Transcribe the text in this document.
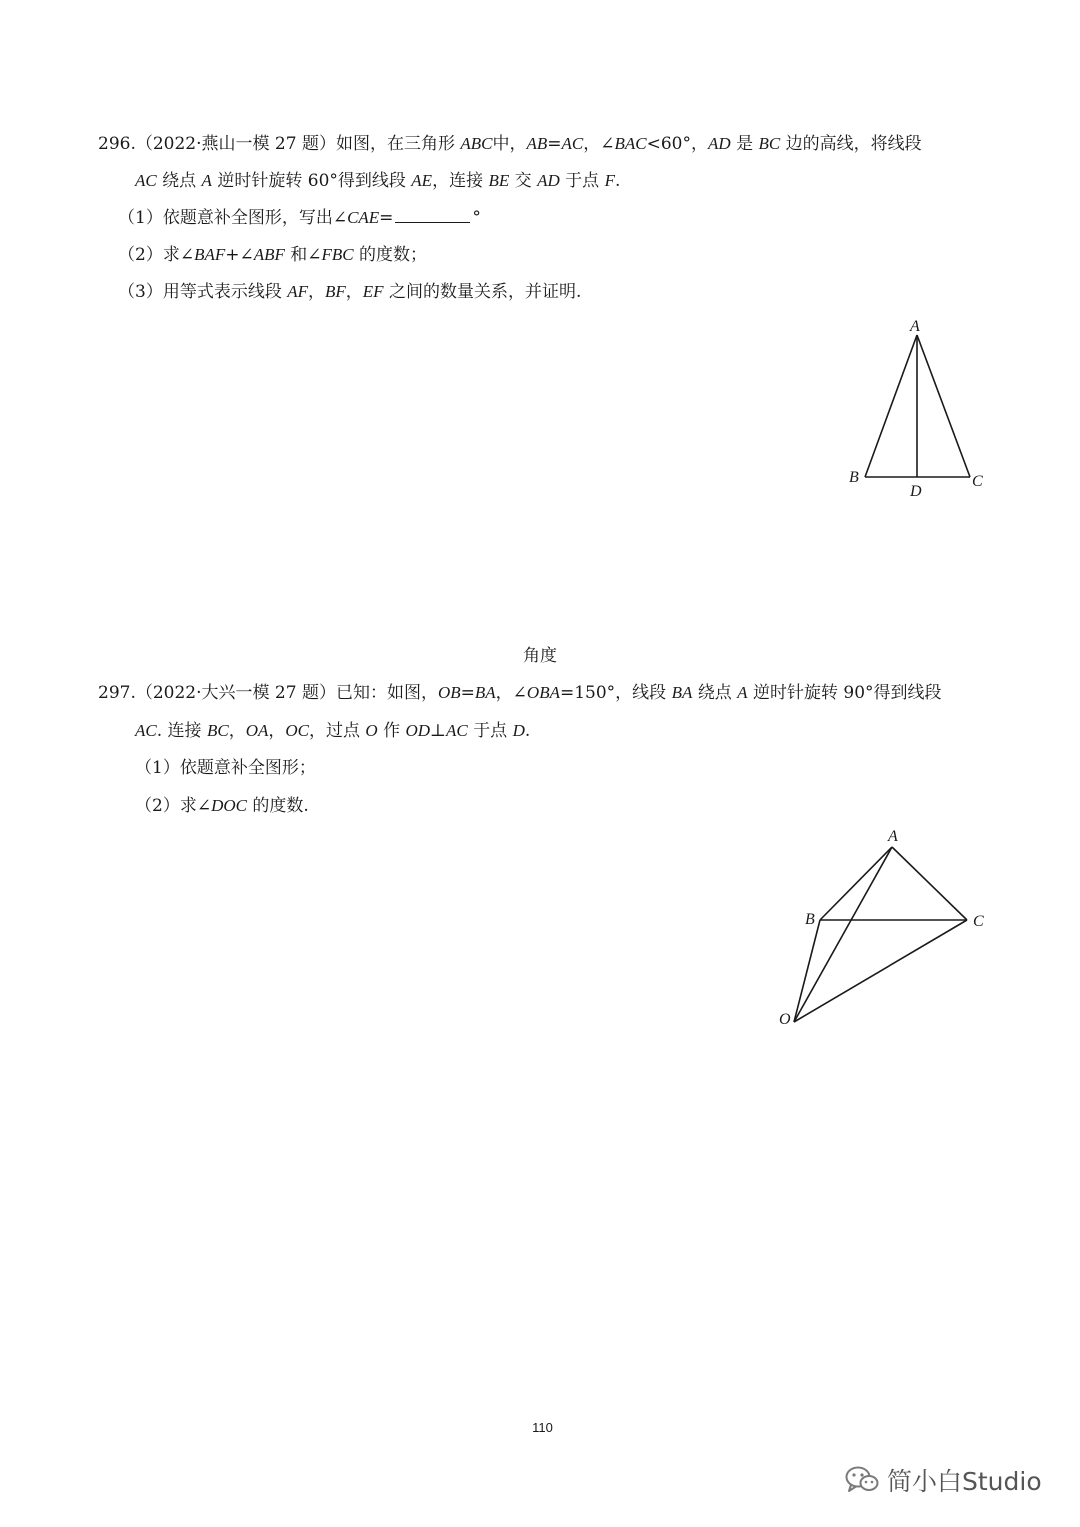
296.（2022·燕山一模 27 题）如图，在三角形 ABC中，AB=AC，∠BAC<60°，AD 是 BC 边的高线，将线段
AC 绕点 A 逆时针旋转 60°得到线段 AE，连接 BE 交 AD 于点 F.
（1）依题意补全图形，写出∠CAE=	°
（2）求∠BAF+∠ABF 和∠FBC 的度数；
（3）用等式表示线段 AF，BF，EF 之间的数量关系，并证明.
A
B	C
D
角度
297.（2022·大兴一模 27 题）已知：如图，OB=BA，∠OBA=150°，线段 BA 绕点 A 逆时针旋转 90°得到线段
AC. 连接 BC，OA，OC，过点 O 作 OD⊥AC 于点 D.
（1）依题意补全图形；
（2）求∠DOC 的度数.
A
B	C
O
110
简小白Studio
